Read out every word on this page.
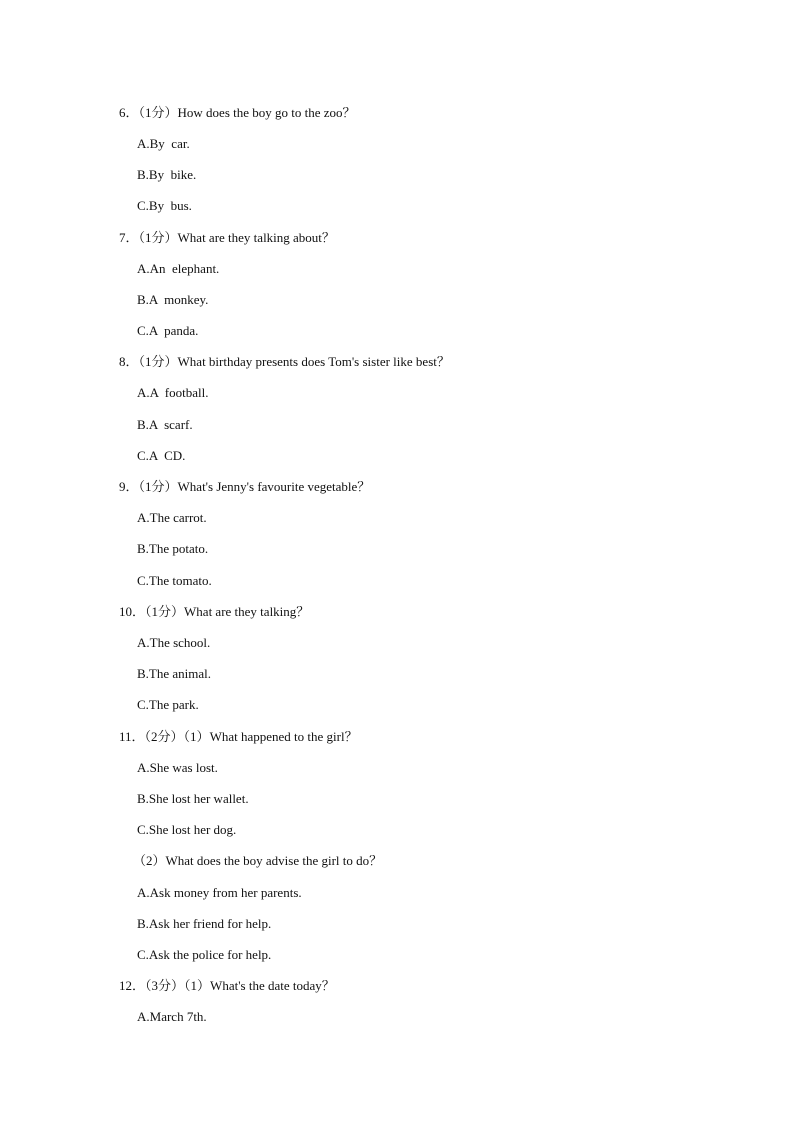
6．（1分）How does the boy go to the zoo？
A.By  car.
B.By  bike.
C.By  bus.
7．（1分）What are they talking about？
A.An  elephant.
B.A  monkey.
C.A  panda.
8．（1分）What birthday presents does Tom's sister like best？
A.A  football.
B.A  scarf.
C.A  CD.
9．（1分）What's Jenny's favourite vegetable？
A.The carrot.
B.The potato.
C.The tomato.
10．（1分）What are they talking？
A.The school.
B.The animal.
C.The park.
11．（2分）（1）What happened to the girl？
A.She was lost.
B.She lost her wallet.
C.She lost her dog.
（2）What does the boy advise the girl to do？
A.Ask money from her parents.
B.Ask her friend for help.
C.Ask the police for help.
12．（3分）（1）What's the date today？
A.March 7th.
